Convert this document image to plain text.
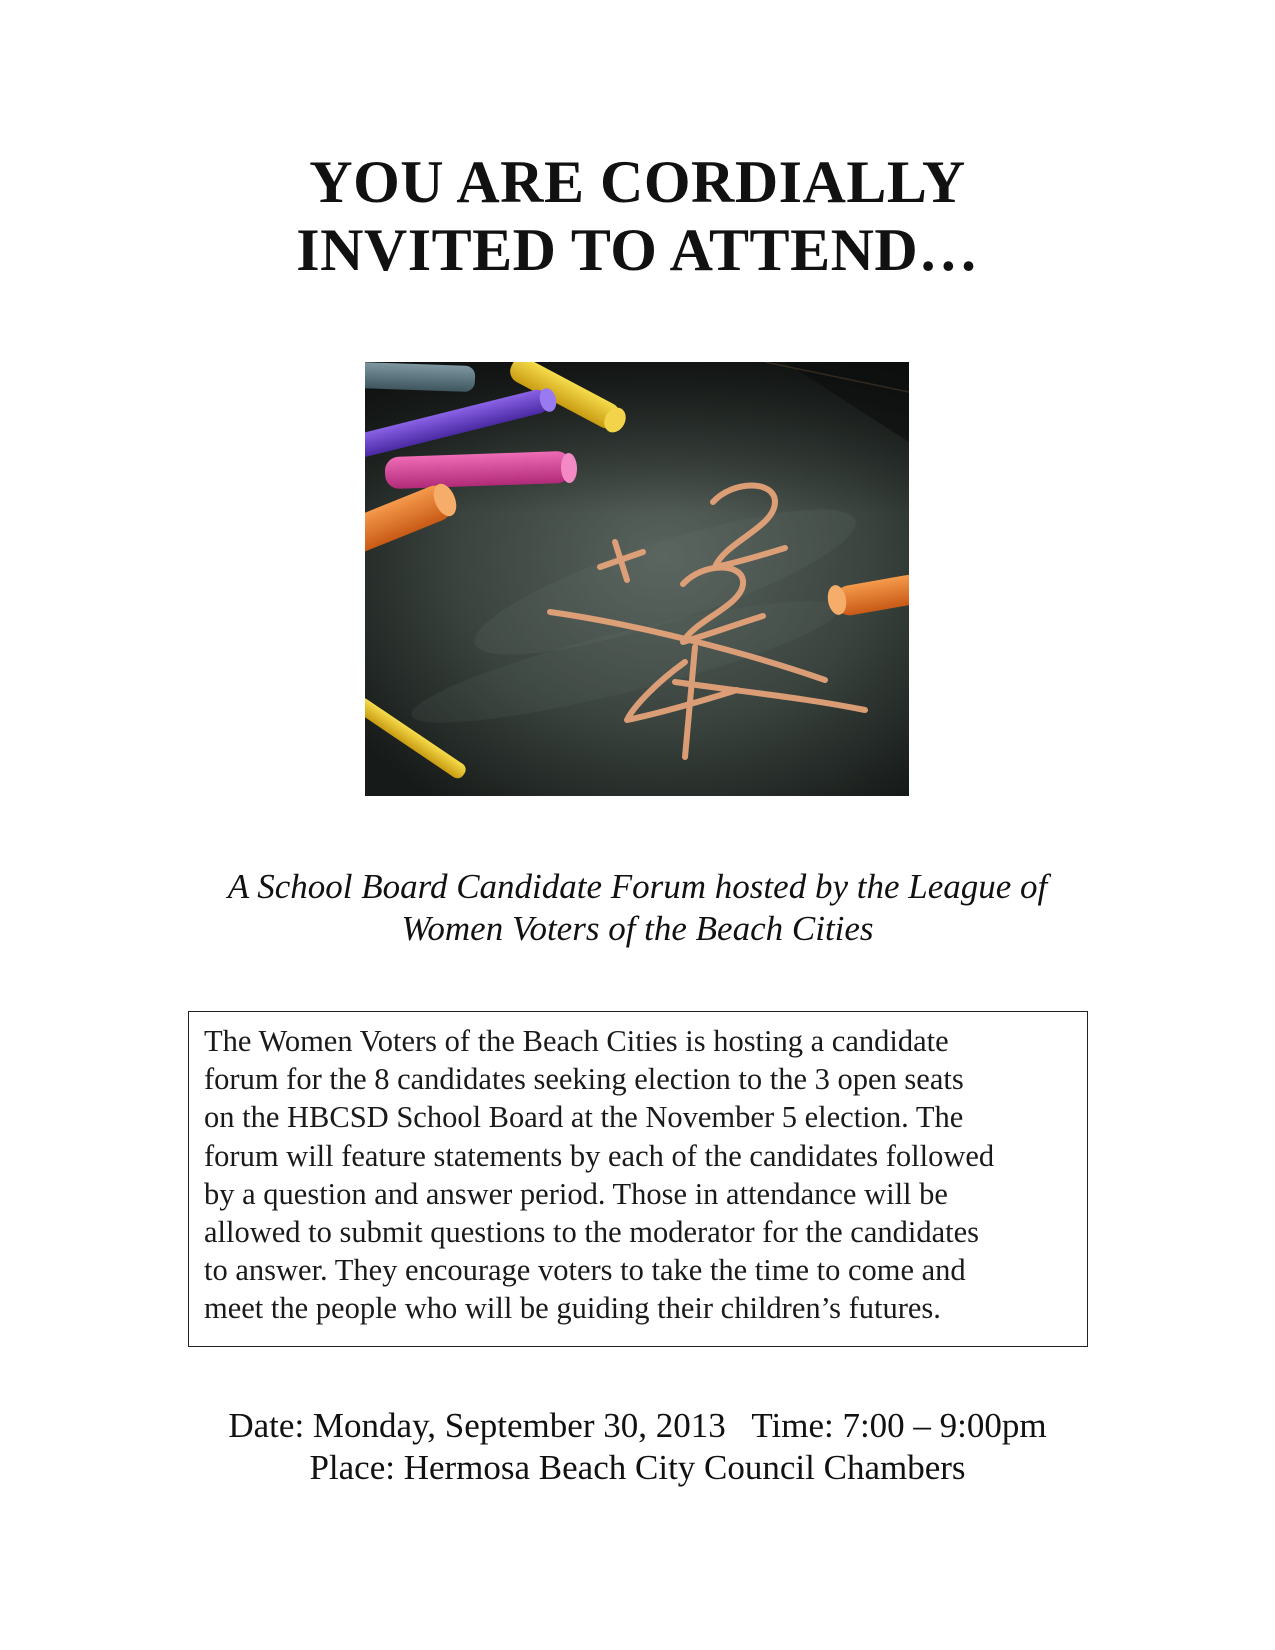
YOU ARE CORDIALLY
INVITED TO ATTEND…
A School Board Candidate Forum hosted by the League of
Women Voters of the Beach Cities

The Women Voters of the Beach Cities is hosting a candidate
forum for the 8 candidates seeking election to the 3 open seats
on the HBCSD School Board at the November 5 election. The
forum will feature statements by each of the candidates followed
by a question and answer period. Those in attendance will be
allowed to submit questions to the moderator for the candidates
to answer. They encourage voters to take the time to come and
meet the people who will be guiding their children’s futures.

Date: Monday, September 30, 2013   Time: 7:00 – 9:00pm
Place: Hermosa Beach City Council Chambers
